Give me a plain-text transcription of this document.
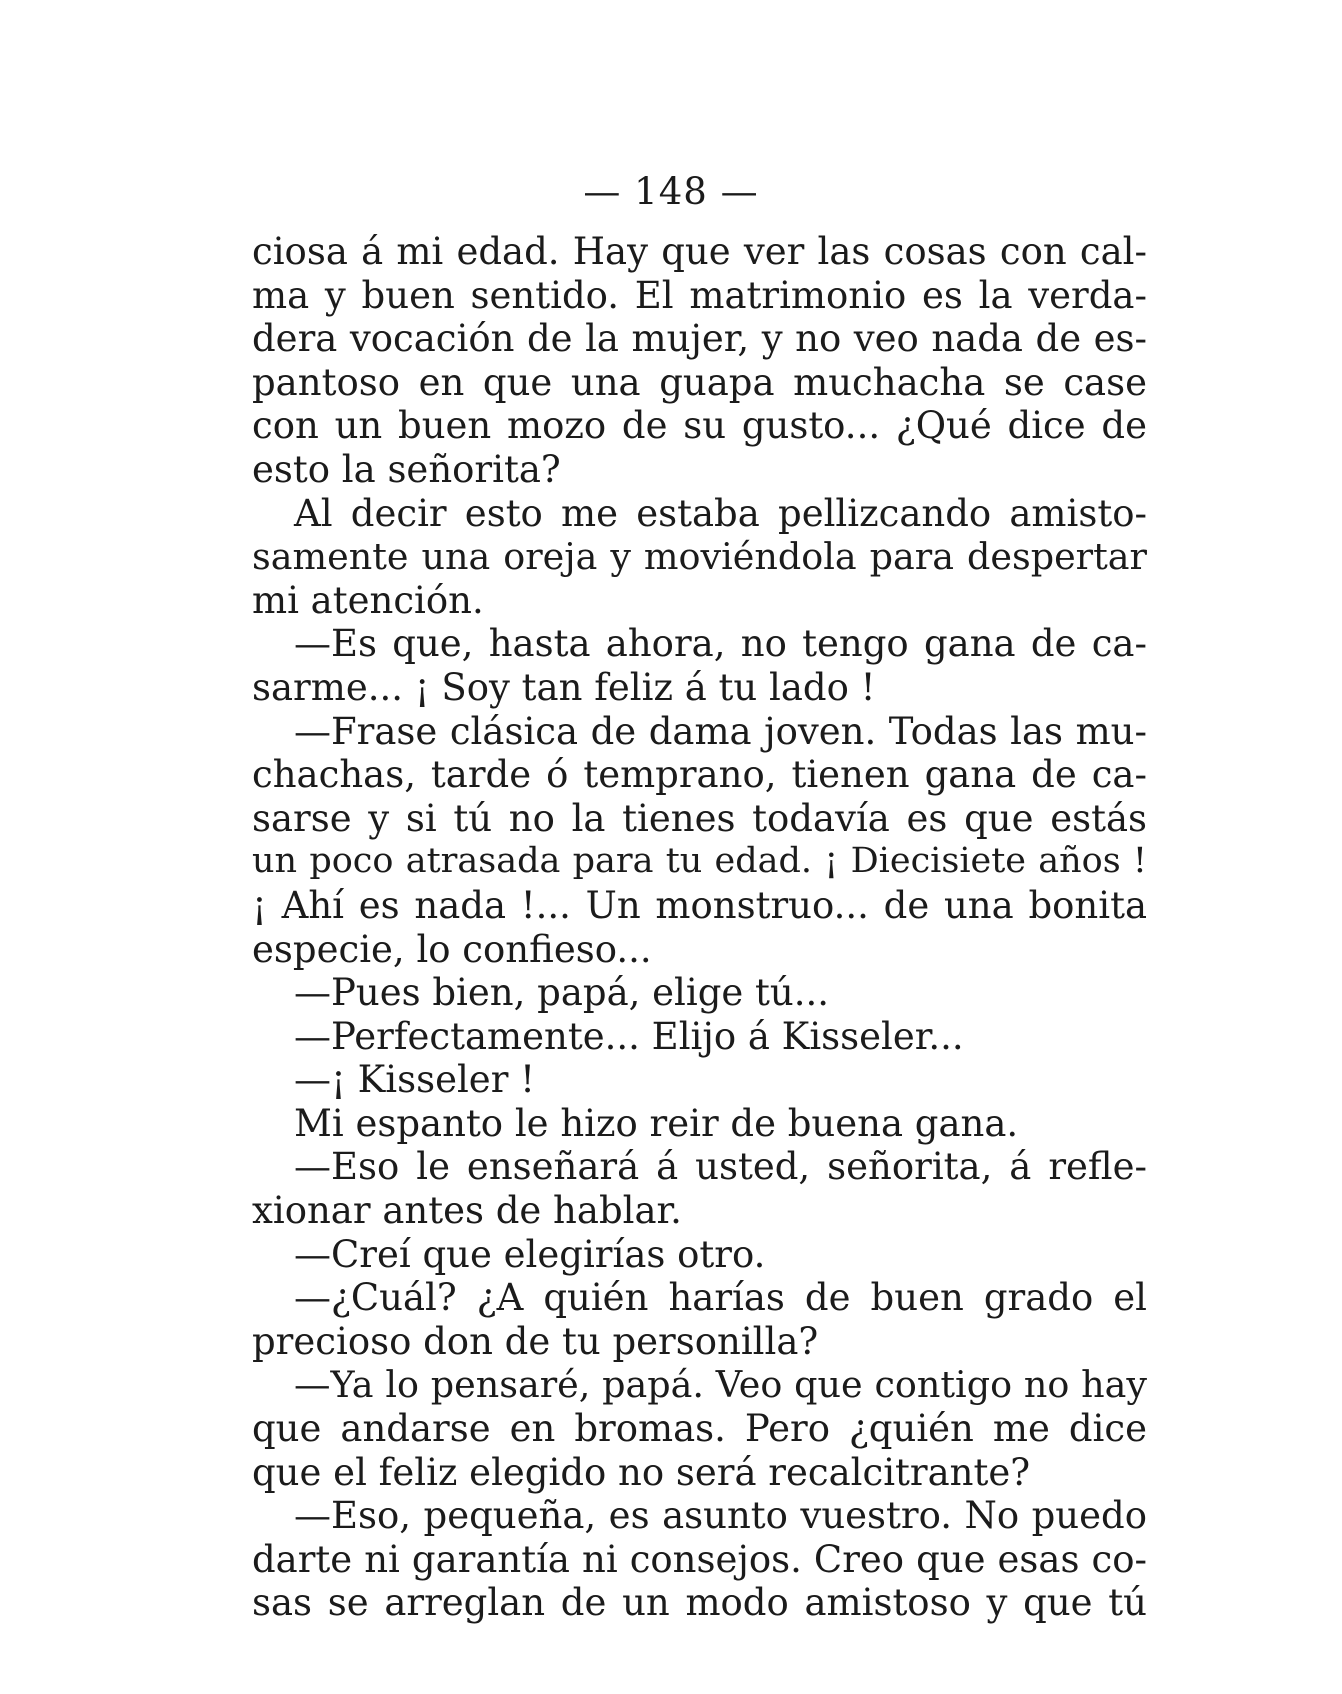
— 148 —
ciosa á mi edad. Hay que ver las cosas con cal-
ma y buen sentido. El matrimonio es la verda-
dera vocación de la mujer, y no veo nada de es-
pantoso en que una guapa muchacha se case
con un buen mozo de su gusto... ¿Qué dice de
esto la señorita?
Al decir esto me estaba pellizcando amisto-
samente una oreja y moviéndola para despertar
mi atención.
—Es que, hasta ahora, no tengo gana de ca-
sarme... ¡ Soy tan feliz á tu lado !
—Frase clásica de dama joven. Todas las mu-
chachas, tarde ó temprano, tienen gana de ca-
sarse y si tú no la tienes todavía es que estás
un poco atrasada para tu edad. ¡ Diecisiete años !
¡ Ahí es nada !... Un monstruo... de una bonita
especie, lo confieso...
—Pues bien, papá, elige tú...
—Perfectamente... Elijo á Kisseler...
—¡ Kisseler !
Mi espanto le hizo reir de buena gana.
—Eso le enseñará á usted, señorita, á refle-
xionar antes de hablar.
—Creí que elegirías otro.
—¿Cuál? ¿A quién harías de buen grado el
precioso don de tu personilla?
—Ya lo pensaré, papá. Veo que contigo no hay
que andarse en bromas. Pero ¿quién me dice
que el feliz elegido no será recalcitrante?
—Eso, pequeña, es asunto vuestro. No puedo
darte ni garantía ni consejos. Creo que esas co-
sas se arreglan de un modo amistoso y que tú
